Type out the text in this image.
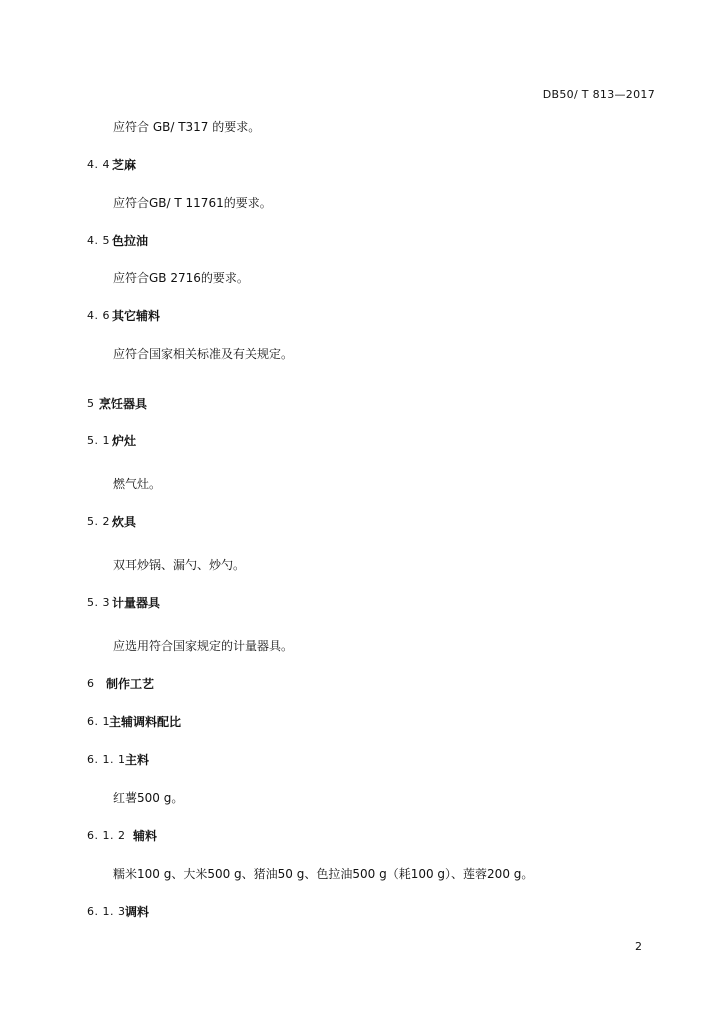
DB50/ T 813—2017
应符合 GB/ T317 的要求。
4. 4 芝麻
应符合GB/ T 11761的要求。
4. 5 色拉油
应符合GB 2716的要求。
4. 6 其它辅料
应符合国家相关标准及有关规定。
5 烹饪器具
5. 1 炉灶
燃气灶。
5. 2 炊具
双耳炒锅、漏勺、炒勺。
5. 3 计量器具
应选用符合国家规定的计量器具。
6 制作工艺
6. 1 主辅调料配比
6. 1. 1 主料
红薯500 g。
6. 1. 2 辅料
糯米100 g、大米500 g、猪油50 g、色拉油500 g（耗100 g）、莲蓉200 g。
6. 1. 3 调料
2
